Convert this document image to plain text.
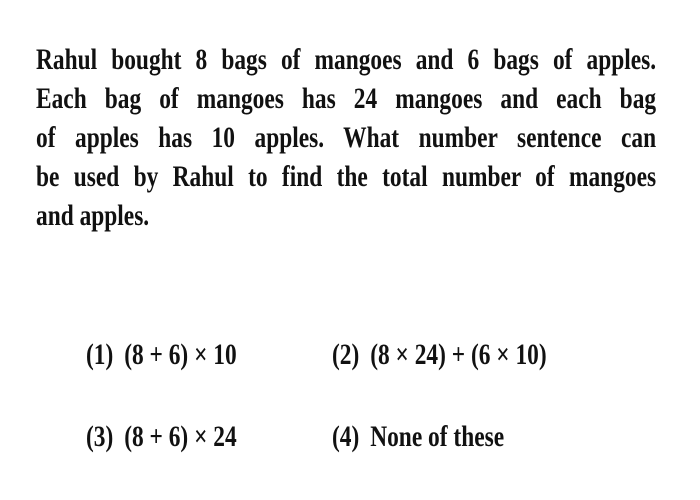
Rahul bought 8 bags of mangoes and 6 bags of apples.
Each bag of mangoes has 24 mangoes and each bag
of apples has 10 apples. What number sentence can
be used by Rahul to find the total number of mangoes
and apples.
(1) (8 + 6) × 10	(2) (8 × 24) + (6 × 10)
(3) (8 + 6) × 24	(4) None of these
